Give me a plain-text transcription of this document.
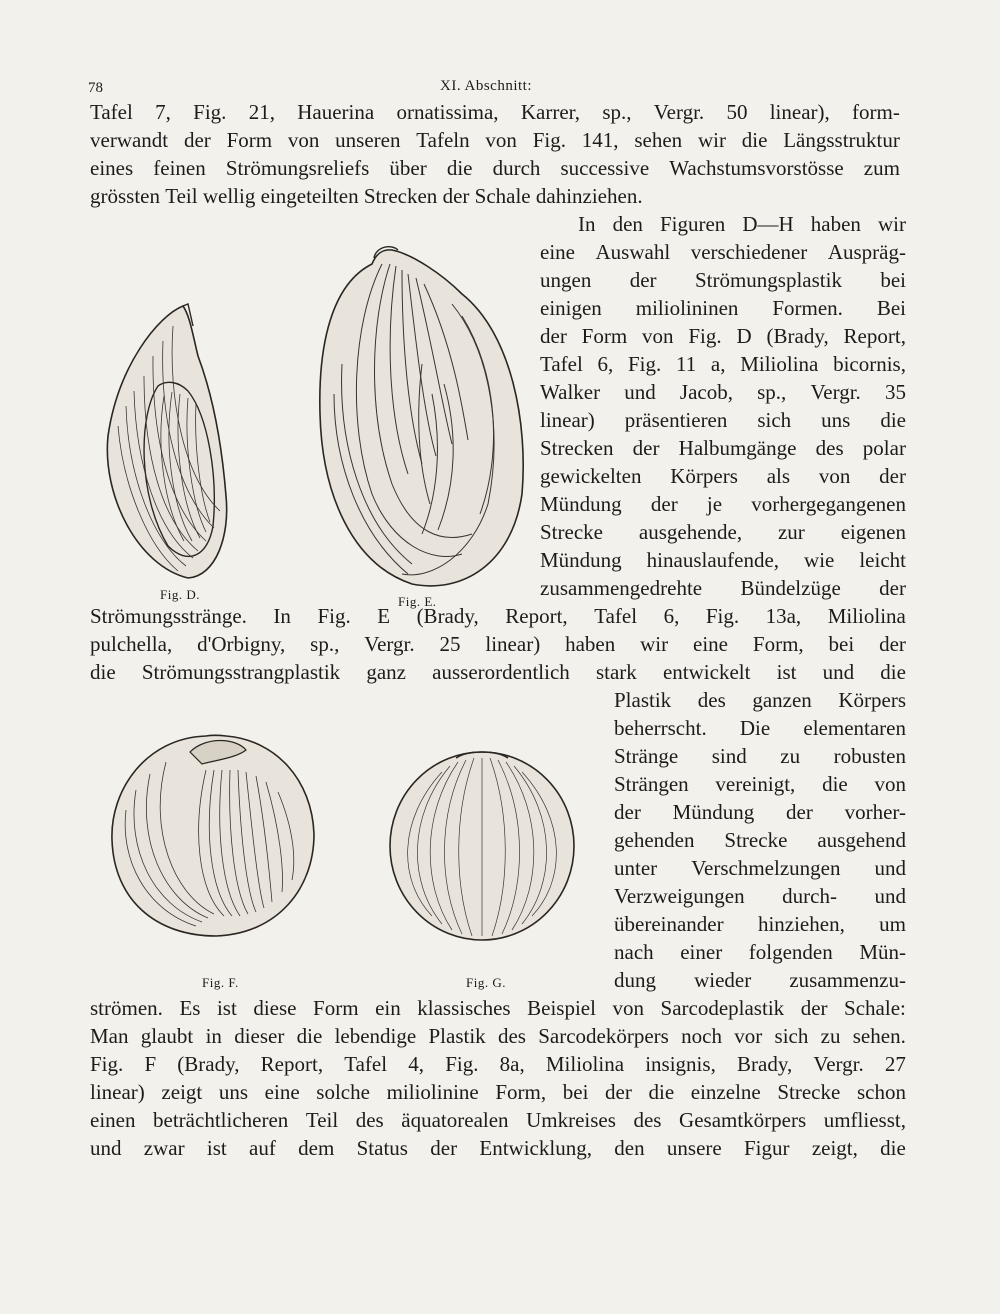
78	XI. Abschnitt:
Fig. D.	Fig. E.
Fig. F.	Fig. G.
Tafel 7, Fig. 21, Hauerina ornatissima, Karrer, sp., Vergr. 50 linear), form-
verwandt der Form von unseren Tafeln von Fig. 141, sehen wir die Längsstruktur
eines feinen Strömungsreliefs über die durch successive Wachstumsvorstösse zum
grössten Teil wellig eingeteilten Strecken der Schale dahinziehen.
In den Figuren D—H haben wir
eine Auswahl verschiedener Auspräg-
ungen der Strömungsplastik bei
einigen miliolininen Formen. Bei
der Form von Fig. D (Brady, Report,
Tafel 6, Fig. 11 a, Miliolina bicornis,
Walker und Jacob, sp., Vergr. 35
linear) präsentieren sich uns die
Strecken der Halbumgänge des polar
gewickelten Körpers als von der
Mündung der je vorhergegangenen
Strecke ausgehende, zur eigenen
Mündung hinauslaufende, wie leicht
zusammengedrehte Bündelzüge der
Strömungsstränge. In Fig. E (Brady, Report, Tafel 6, Fig. 13a, Miliolina
pulchella, d'Orbigny, sp., Vergr. 25 linear) haben wir eine Form, bei der
die Strömungsstrangplastik ganz ausserordentlich stark entwickelt ist und die
Plastik des ganzen Körpers
beherrscht. Die elementaren
Stränge sind zu robusten
Strängen vereinigt, die von
der Mündung der vorher-
gehenden Strecke ausgehend
unter Verschmelzungen und
Verzweigungen durch- und
übereinander hinziehen, um
nach einer folgenden Mün-
dung wieder zusammenzu-
strömen. Es ist diese Form ein klassisches Beispiel von Sarcodeplastik der Schale:
Man glaubt in dieser die lebendige Plastik des Sarcodekörpers noch vor sich zu sehen.
Fig. F (Brady, Report, Tafel 4, Fig. 8a, Miliolina insignis, Brady, Vergr. 27
linear) zeigt uns eine solche miliolinine Form, bei der die einzelne Strecke schon
einen beträchtlicheren Teil des äquatorealen Umkreises des Gesamtkörpers umfliesst,
und zwar ist auf dem Status der Entwicklung, den unsere Figur zeigt, die
